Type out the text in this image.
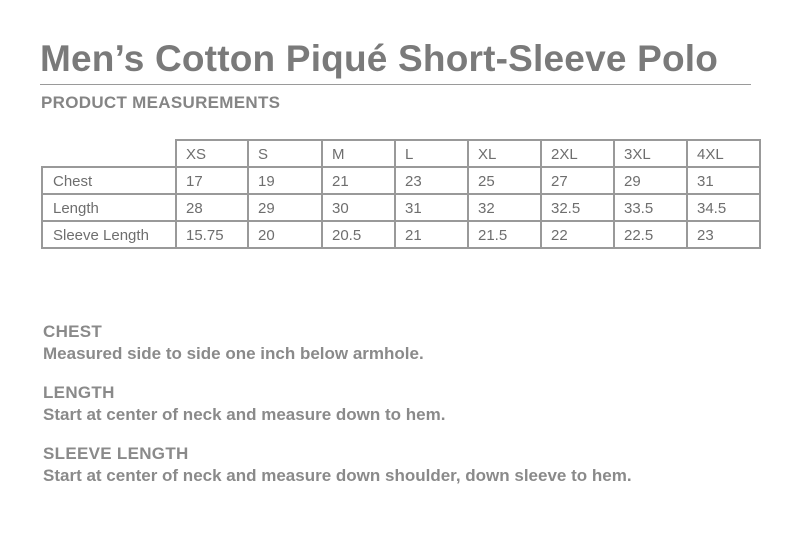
Men’s Cotton Piqué Short-Sleeve Polo
PRODUCT MEASUREMENTS
	XS	S	M	L	XL	2XL	3XL	4XL
Chest	17	19	21	23	25	27	29	31
Length	28	29	30	31	32	32.5	33.5	34.5
Sleeve Length	15.75	20	20.5	21	21.5	22	22.5	23
CHEST
Measured side to side one inch below armhole.
LENGTH
Start at center of neck and measure down to hem.
SLEEVE LENGTH
Start at center of neck and measure down shoulder, down sleeve to hem.
